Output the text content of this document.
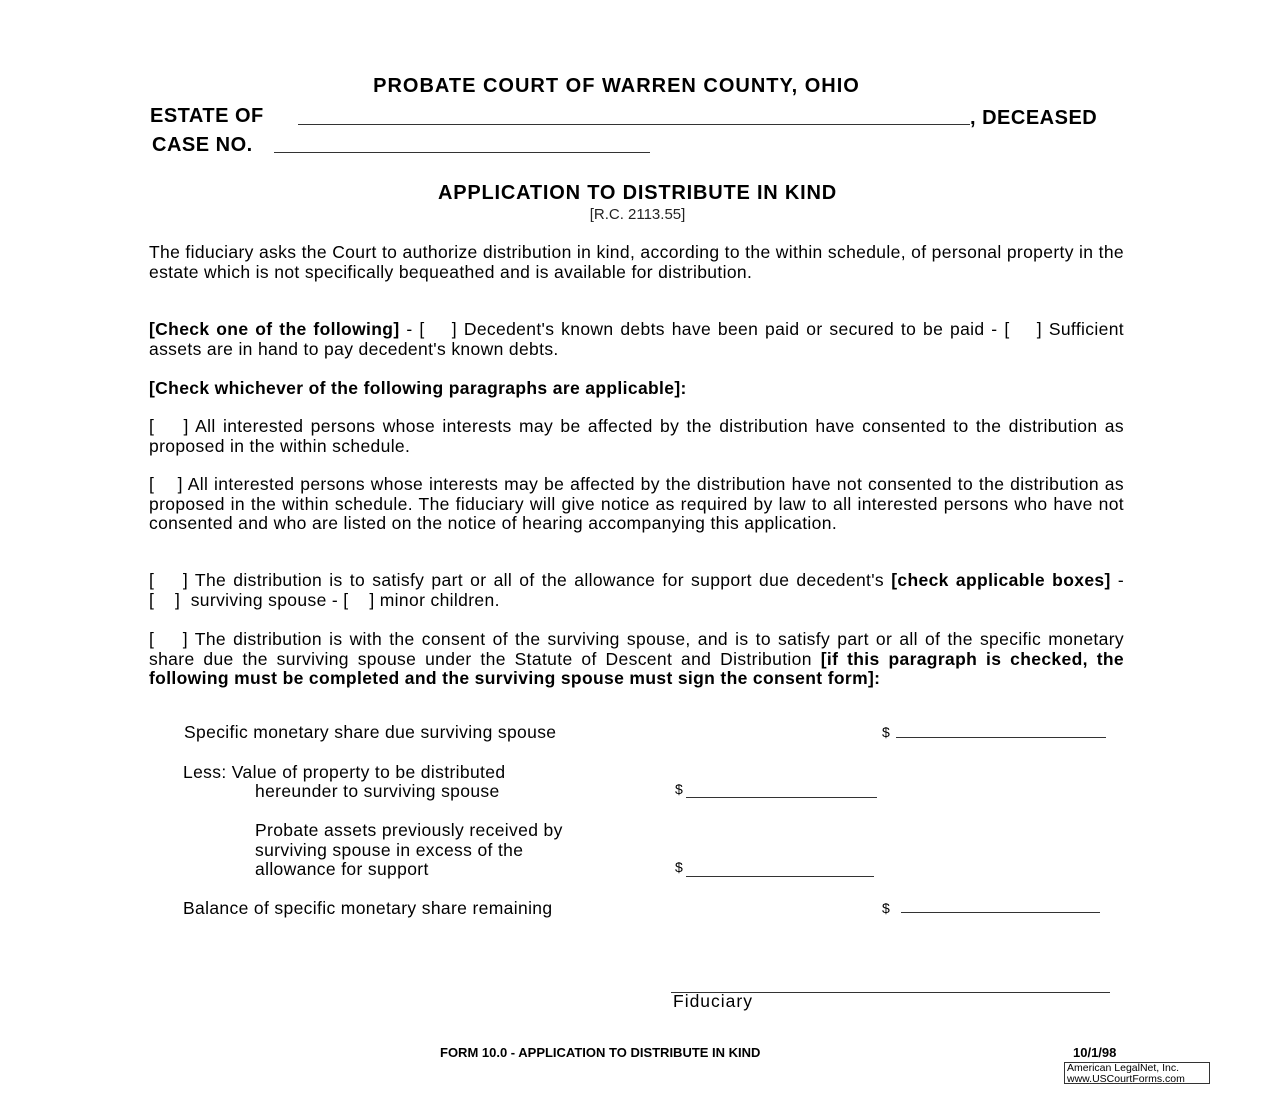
PROBATE COURT OF WARREN COUNTY, OHIO
ESTATE OF	, DECEASED
CASE NO.
APPLICATION TO DISTRIBUTE IN KIND
[R.C. 2113.55]
The fiduciary asks the Court to authorize distribution in kind, according to the within schedule, of personal property in the estate which is not specifically bequeathed and is available for distribution.
[Check one of the following] - [    ] Decedent's known debts have been paid or secured to be paid - [    ] Sufficient assets are in hand to pay decedent's known debts.
[Check whichever of the following paragraphs are applicable]:
[    ] All interested persons whose interests may be affected by the distribution have consented to the distribution as proposed in the within schedule.
[    ] All interested persons whose interests may be affected by the distribution have not consented to the distribution as proposed in the within schedule. The fiduciary will give notice as required by law to all interested persons who have not consented and who are listed on the notice of hearing accompanying this application.
[    ] The distribution is to satisfy part or all of the allowance for support due decedent's [check applicable boxes] - [    ]  surviving spouse - [    ] minor children.
[    ] The distribution is with the consent of the surviving spouse, and is to satisfy part or all of the specific monetary share due the surviving spouse under the Statute of Descent and Distribution [if this paragraph is checked, the following must be completed and the surviving spouse must sign the consent form]:
Specific monetary share due surviving spouse	$
Less: Value of property to be distributed
hereunder to surviving spouse	$
Probate assets previously received by
surviving spouse in excess of the
allowance for support	$
Balance of specific monetary share remaining	$
Fiduciary
FORM 10.0 - APPLICATION TO DISTRIBUTE IN KIND	10/1/98
American LegalNet, Inc.
www.USCourtForms.com
